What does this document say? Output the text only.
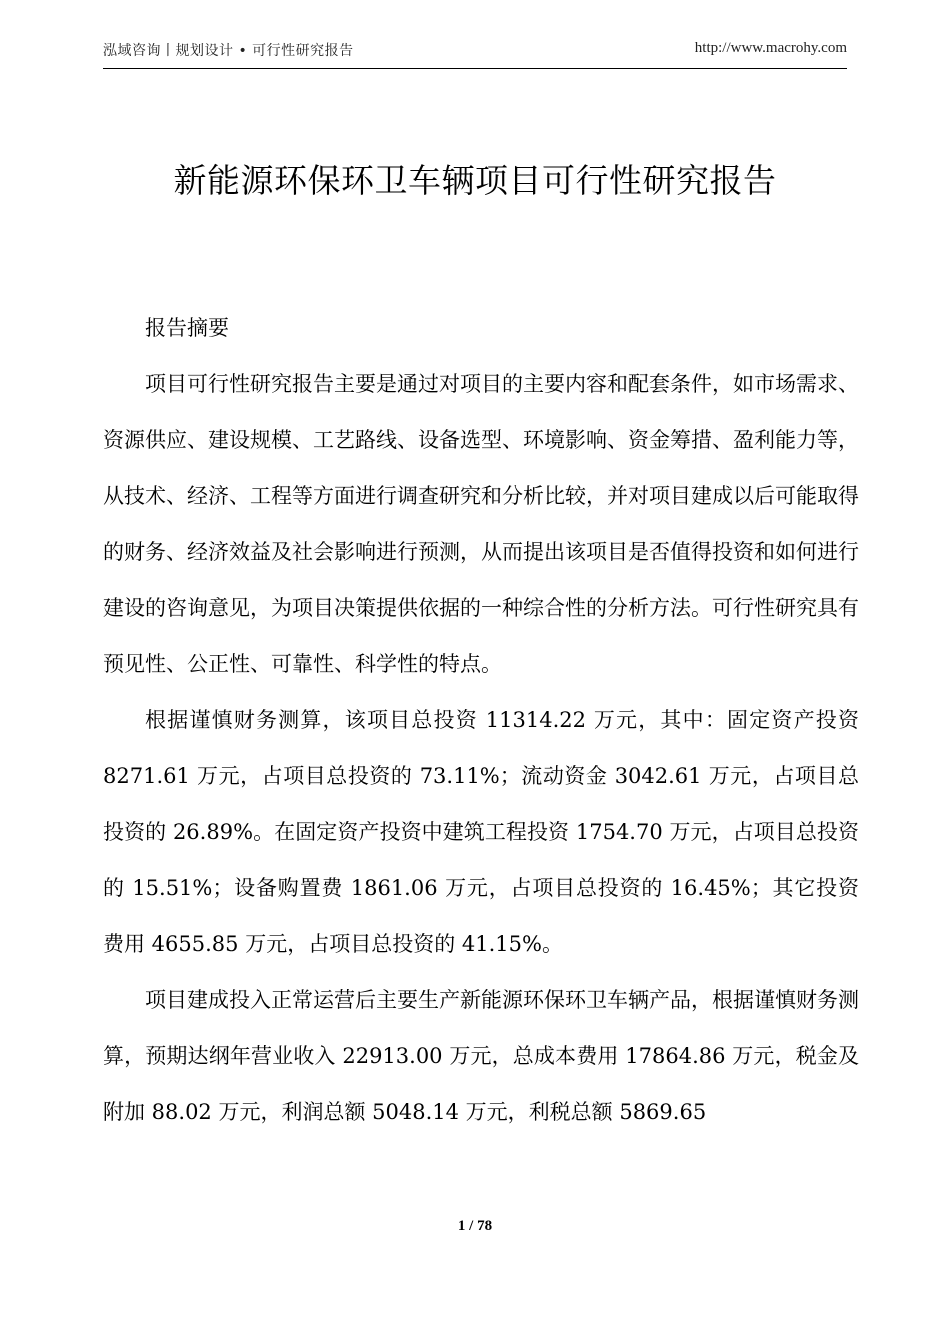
泓域咨询丨规划设计 • 可行性研究报告	http://www.macrohy.com
新能源环保环卫车辆项目可行性研究报告

报告摘要

项目可行性研究报告主要是通过对项目的主要内容和配套条件，如市场需求、资源供应、建设规模、工艺路线、设备选型、环境影响、资金筹措、盈利能力等，从技术、经济、工程等方面进行调查研究和分析比较，并对项目建成以后可能取得的财务、经济效益及社会影响进行预测，从而提出该项目是否值得投资和如何进行建设的咨询意见，为项目决策提供依据的一种综合性的分析方法。可行性研究具有预见性、公正性、可靠性、科学性的特点。

根据谨慎财务测算，该项目总投资 11314.22 万元，其中：固定资产投资 8271.61 万元，占项目总投资的 73.11%；流动资金 3042.61 万元，占项目总投资的 26.89%。在固定资产投资中建筑工程投资 1754.70 万元，占项目总投资的 15.51%；设备购置费 1861.06 万元，占项目总投资的 16.45%；其它投资费用 4655.85 万元，占项目总投资的 41.15%。

项目建成投入正常运营后主要生产新能源环保环卫车辆产品，根据谨慎财务测算，预期达纲年营业收入 22913.00 万元，总成本费用 17864.86 万元，税金及附加 88.02 万元，利润总额 5048.14 万元，利税总额 5869.65

1 / 78
